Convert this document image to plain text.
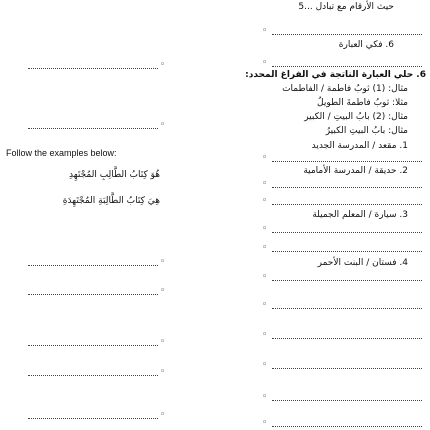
حيث الأرقام مع تبادل ...5
◦
6. فكي العبارة
◦
6. حلي العبارة الناتجة في الفراغ المحدد:
مثال: (1) ثوبُ فاطمة / الفاطمات
مثلا: ثوبُ فاطمةَ الطويلُ
مثال: (2) بابُ البيتِ / الكبير
مثال: بابُ البيتِ الكبيرُ
1. مقعد / المدرسة الجديد
◦
2. حديقة / المدرسة الأمامية
◦
◦
3. سيارة / المعلم الجميلة
◦
◦
4. فستان / البنت الأحمر
◦
◦
◦
◦
◦
◦
◦
◦
Follow the examples below:
هُوَ كِتَابُ الطَّالِبِ المُجْتَهِدِ
هِيَ كِتَابُ الطَّالِبَةِ المُجْتَهِدَةِ
◦
◦
◦
◦
◦
